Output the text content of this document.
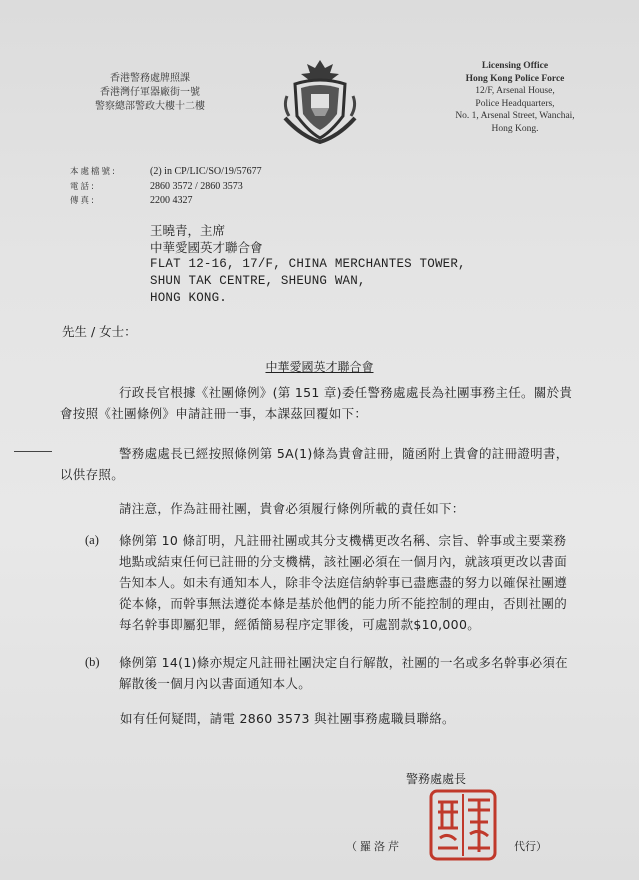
香港警務處牌照課
香港灣仔軍器廠街一號
警察總部警政大樓十二樓
Licensing Office
Hong Kong Police Force
12/F, Arsenal House,
Police Headquarters,
No. 1, Arsenal Street, Wanchai,
Hong Kong.
本處檔號:	(2) in CP/LIC/SO/19/57677
電話:	2860 3572 / 2860 3573
傳真:	2200 4327
王曉青，主席
中華愛國英才聯合會
FLAT 12-16, 17/F, CHINA MERCHANTES TOWER,
SHUN TAK CENTRE, SHEUNG WAN,
HONG KONG.
先生 / 女士：
中華愛國英才聯合會
行政長官根據《社團條例》(第 151 章)委任警務處處長為社團事務主任。關於貴會按照《社團條例》申請註冊一事，本課茲回覆如下：
警務處處長已經按照條例第 5A(1)條為貴會註冊，隨函附上貴會的註冊證明書，以供存照。
請注意，作為註冊社團，貴會必須履行條例所載的責任如下：
(a)	條例第 10 條訂明，凡註冊社團或其分支機構更改名稱、宗旨、幹事或主要業務地點或結束任何已註冊的分支機構，該社團必須在一個月內，就該項更改以書面告知本人。如未有通知本人，除非令法庭信納幹事已盡應盡的努力以確保社團遵從本條，而幹事無法遵從本條是基於他們的能力所不能控制的理由，否則社團的每名幹事即屬犯罪，經循簡易程序定罪後，可處罰款$10,000。
(b)	條例第 14(1)條亦規定凡註冊社團決定自行解散，社團的一名或多名幹事必須在解散後一個月內以書面通知本人。
如有任何疑問，請電 2860 3573 與社團事務處職員聯絡。
警務處處長
（羅洛芹	代行）
